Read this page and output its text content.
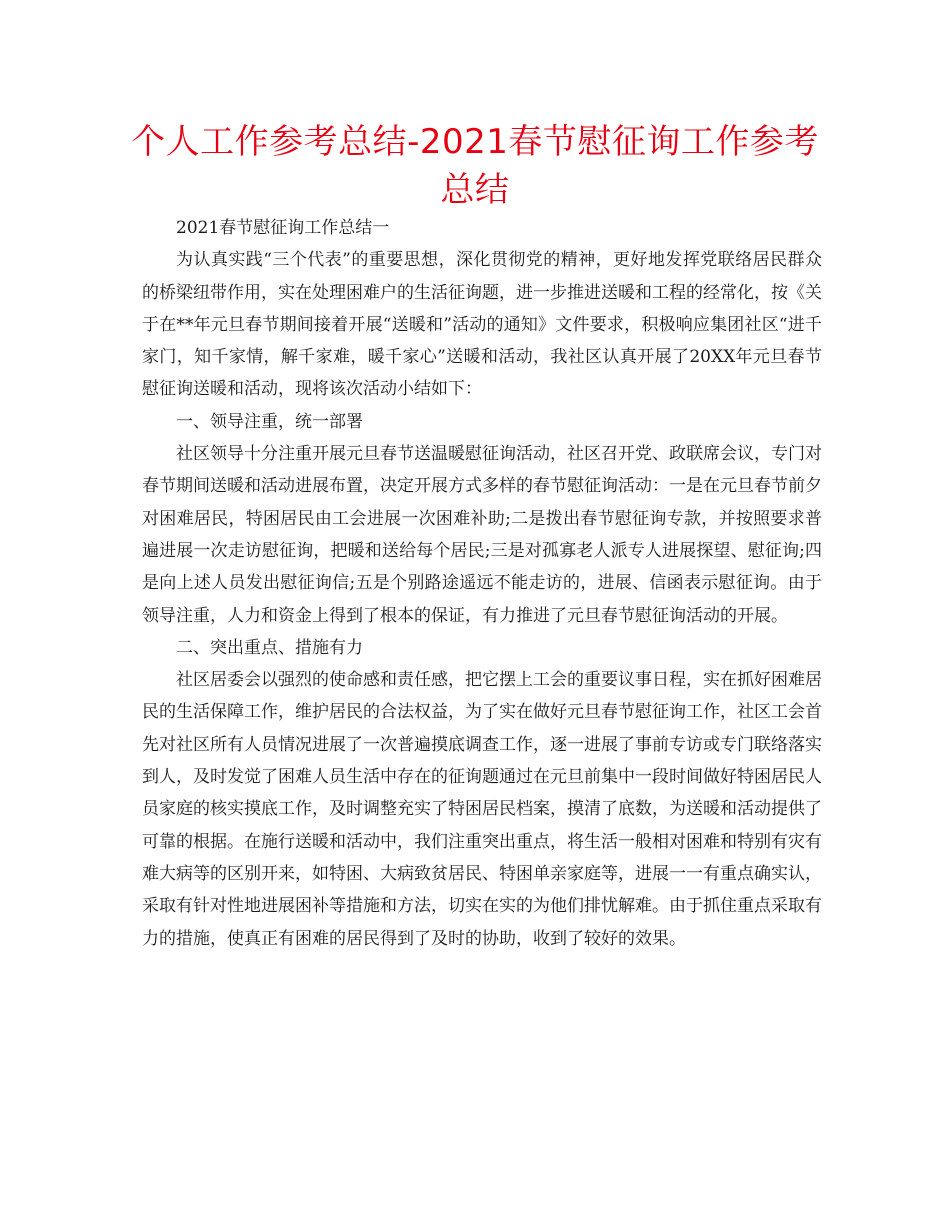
个人工作参考总结-2021春节慰征询工作参考总结

2021春节慰征询工作总结一

为认真实践“三个代表”的重要思想，深化贯彻党的精神，更好地发挥党联络居民群众的桥梁纽带作用，实在处理困难户的生活征询题，进一步推进送暖和工程的经常化，按《关于在**年元旦春节期间接着开展“送暖和”活动的通知》文件要求，积极响应集团社区“进千家门，知千家情，解千家难，暖千家心”送暖和活动，我社区认真开展了20XX年元旦春节慰征询送暖和活动，现将该次活动小结如下：

一、领导注重，统一部署

社区领导十分注重开展元旦春节送温暖慰征询活动，社区召开党、政联席会议，专门对春节期间送暖和活动进展布置，决定开展方式多样的春节慰征询活动：一是在元旦春节前夕对困难居民，特困居民由工会进展一次困难补助;二是拨出春节慰征询专款，并按照要求普遍进展一次走访慰征询，把暖和送给每个居民;三是对孤寡老人派专人进展探望、慰征询;四是向上述人员发出慰征询信;五是个别路途遥远不能走访的，进展、信函表示慰征询。由于领导注重，人力和资金上得到了根本的保证，有力推进了元旦春节慰征询活动的开展。

二、突出重点、措施有力

社区居委会以强烈的使命感和责任感，把它摆上工会的重要议事日程，实在抓好困难居民的生活保障工作，维护居民的合法权益，为了实在做好元旦春节慰征询工作，社区工会首先对社区所有人员情况进展了一次普遍摸底调查工作，逐一进展了事前专访或专门联络落实到人，及时发觉了困难人员生活中存在的征询题通过在元旦前集中一段时间做好特困居民人员家庭的核实摸底工作，及时调整充实了特困居民档案，摸清了底数，为送暖和活动提供了可靠的根据。在施行送暖和活动中，我们注重突出重点，将生活一般相对困难和特别有灾有难大病等的区别开来，如特困、大病致贫居民、特困单亲家庭等，进展一一有重点确实认，采取有针对性地进展困补等措施和方法，切实在实的为他们排忧解难。由于抓住重点采取有力的措施，使真正有困难的居民得到了及时的协助，收到了较好的效果。
